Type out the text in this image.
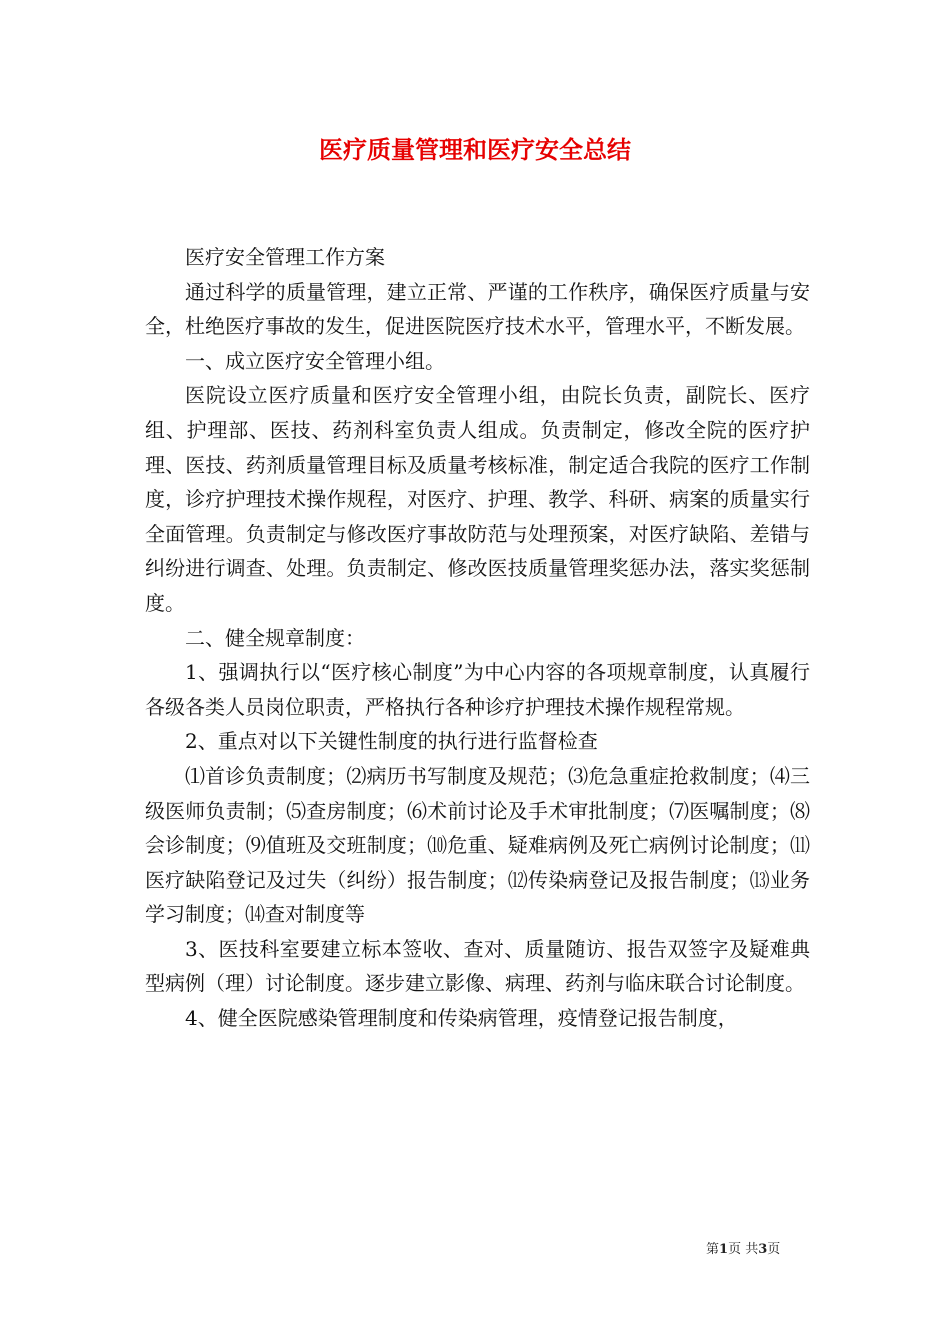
医疗质量管理和医疗安全总结

医疗安全管理工作方案

通过科学的质量管理，建立正常、严谨的工作秩序，确保医疗质量与安全，杜绝医疗事故的发生，促进医院医疗技术水平，管理水平，不断发展。

一、成立医疗安全管理小组。

医院设立医疗质量和医疗安全管理小组，由院长负责，副院长、医疗组、护理部、医技、药剂科室负责人组成。负责制定，修改全院的医疗护理、医技、药剂质量管理目标及质量考核标准，制定适合我院的医疗工作制度，诊疗护理技术操作规程，对医疗、护理、教学、科研、病案的质量实行全面管理。负责制定与修改医疗事故防范与处理预案，对医疗缺陷、差错与纠纷进行调查、处理。负责制定、修改医技质量管理奖惩办法，落实奖惩制度。

二、健全规章制度：

1、强调执行以“医疗核心制度”为中心内容的各项规章制度，认真履行各级各类人员岗位职责，严格执行各种诊疗护理技术操作规程常规。

2、重点对以下关键性制度的执行进行监督检查

⑴首诊负责制度；⑵病历书写制度及规范；⑶危急重症抢救制度；⑷三级医师负责制；⑸查房制度；⑹术前讨论及手术审批制度；⑺医嘱制度；⑻会诊制度；⑼值班及交班制度；⑽危重、疑难病例及死亡病例讨论制度；⑾医疗缺陷登记及过失（纠纷）报告制度；⑿传染病登记及报告制度；⒀业务学习制度；⒁查对制度等

3、医技科室要建立标本签收、查对、质量随访、报告双签字及疑难典型病例（理）讨论制度。逐步建立影像、病理、药剂与临床联合讨论制度。

4、健全医院感染管理制度和传染病管理，疫情登记报告制度，

第1页 共3页
